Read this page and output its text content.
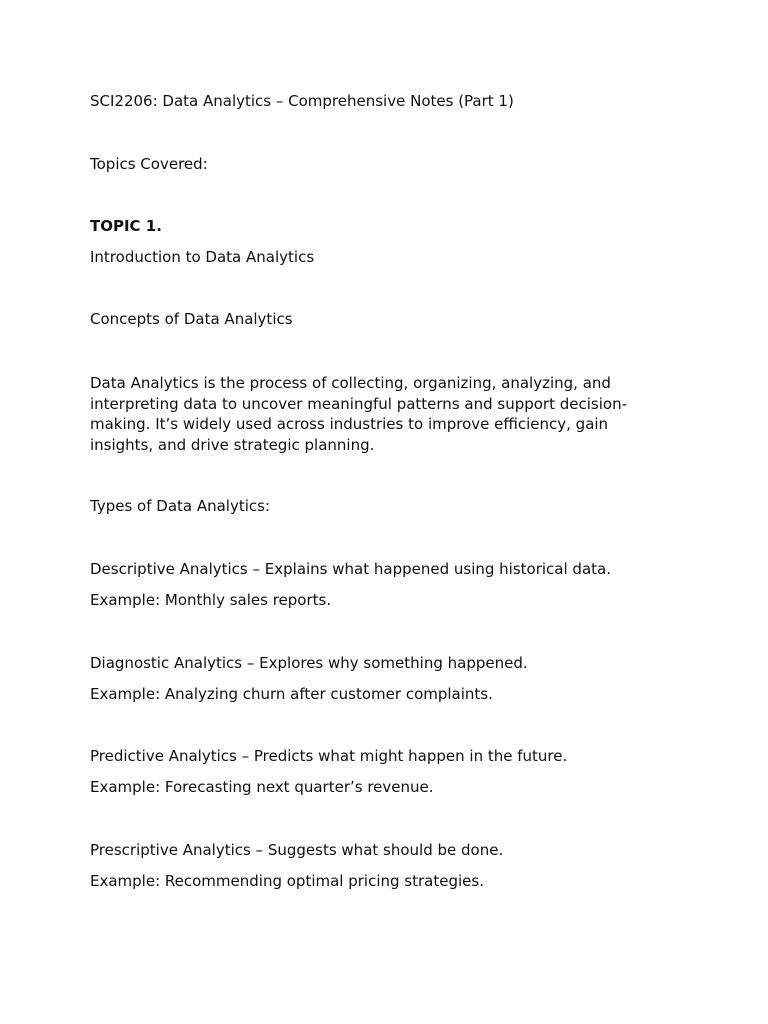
SCI2206: Data Analytics – Comprehensive Notes (Part 1)

Topics Covered:

TOPIC 1.

Introduction to Data Analytics

Concepts of Data Analytics

Data Analytics is the process of collecting, organizing, analyzing, and interpreting data to uncover meaningful patterns and support decision-making. It’s widely used across industries to improve efficiency, gain insights, and drive strategic planning.

Types of Data Analytics:

Descriptive Analytics – Explains what happened using historical data.

Example: Monthly sales reports.

Diagnostic Analytics – Explores why something happened.

Example: Analyzing churn after customer complaints.

Predictive Analytics – Predicts what might happen in the future.

Example: Forecasting next quarter’s revenue.

Prescriptive Analytics – Suggests what should be done.

Example: Recommending optimal pricing strategies.
